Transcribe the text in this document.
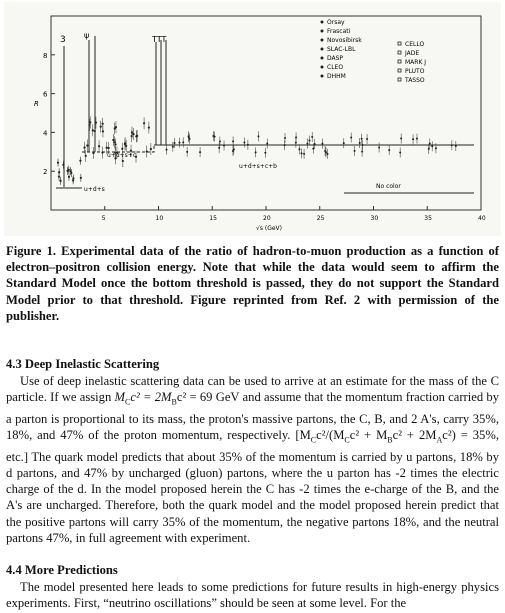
2
4
6
8
5	10	15	20	25	30	35	40
3 ψ	TTT
u+d+s
u+d+s+c
u+d+s+c+b
No color
R
√s (GeV)
Orsay
Frascati
Novosibirsk
SLAC-LBL
DASP
CLEO
DHHM
CELLO
JADE
MARK J
PLUTO
TASSO

Figure 1. Experimental data of the ratio of hadron-to-muon production as a function of electron–positron collision energy. Note that while the data would seem to affirm the Standard Model once the bottom threshold is passed, they do not support the Standard Model prior to that threshold. Figure reprinted from Ref. 2 with permission of the publisher.

4.3 Deep Inelastic Scattering

Use of deep inelastic scattering data can be used to arrive at an estimate for the mass of the C particle. If we assign $M_Cc^2 = 2M_Bc^2 = 69$ GeV and assume that the momentum fraction carried by a parton is proportional to its mass, the proton's massive partons, the C, B, and 2 A's, carry 35%, 18%, and 47% of the proton momentum, respectively. [$M_Cc^2/(M_Cc^2 + M_Bc^2 + 2M_Ac^2) = 35\%$, etc.] The quark model predicts that about 35% of the momentum is carried by u partons, 18% by d partons, and 47% by uncharged (gluon) partons, where the u parton has -2 times the electric charge of the d. In the model proposed herein the C has -2 times the e-charge of the B, and the A's are uncharged. Therefore, both the quark model and the model proposed herein predict that the positive partons will carry 35% of the momentum, the negative partons 18%, and the neutral partons 47%, in full agreement with experiment.

4.4 More Predictions

The model presented here leads to some predictions for future results in high-energy physics experiments. First, “neutrino oscillations” should be seen at some level. For the
